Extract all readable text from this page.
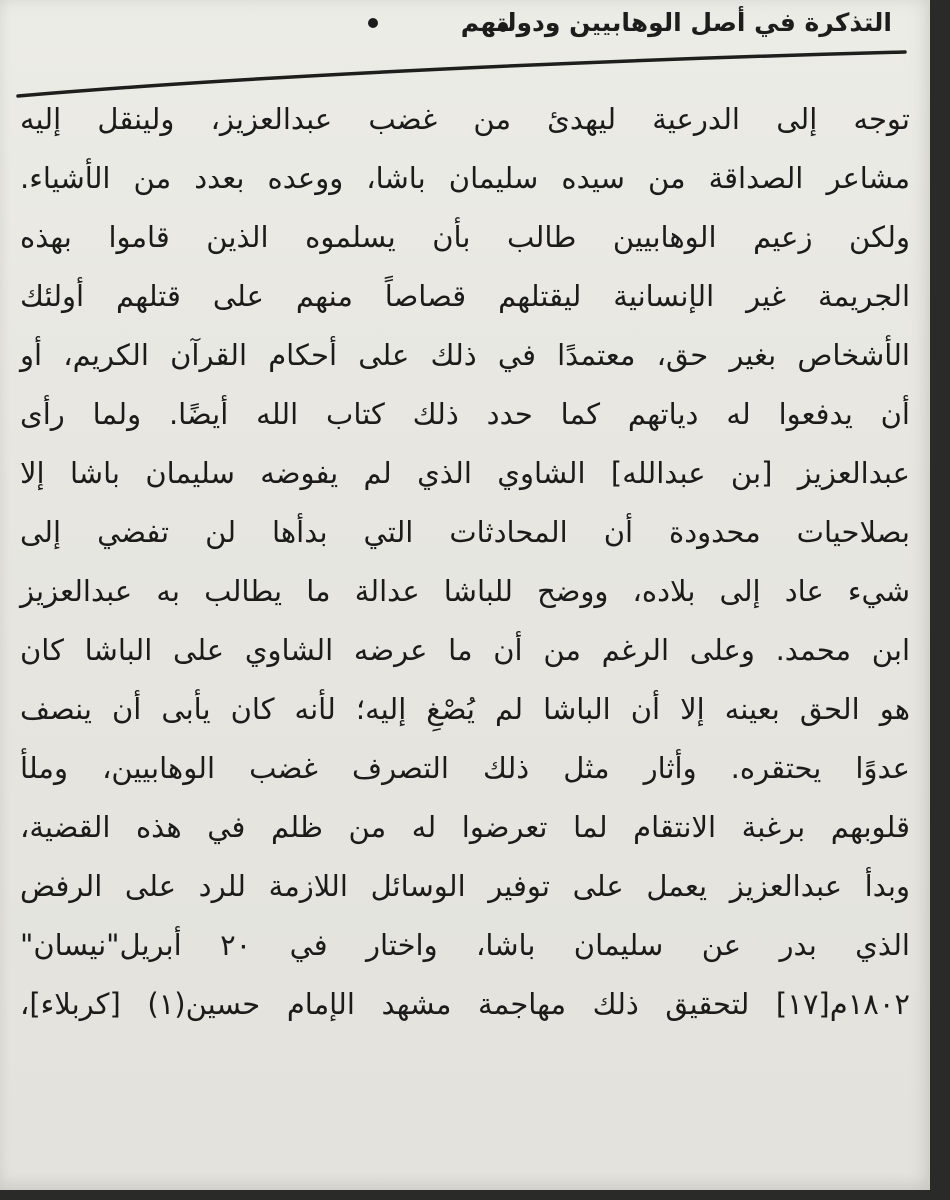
التذكرة في أصل الوهابيين ودولتهم
توجه إلى الدرعية ليهدئ من غضب عبدالعزيز، ولينقل إليه
مشاعر الصداقة من سيده سليمان باشا، ووعده بعدد من الأشياء.
ولكن زعيم الوهابيين طالب بأن يسلموه الذين قاموا بهذه
الجريمة غير الإنسانية ليقتلهم قصاصاً منهم على قتلهم أولئك
الأشخاص بغير حق، معتمدًا في ذلك على أحكام القرآن الكريم، أو
أن يدفعوا له دياتهم كما حدد ذلك كتاب الله أيضًا. ولما رأى
عبدالعزيز [بن عبدالله] الشاوي الذي لم يفوضه سليمان باشا إلا
بصلاحيات محدودة أن المحادثات التي بدأها لن تفضي إلى
شيء عاد إلى بلاده، ووضح للباشا عدالة ما يطالب به عبدالعزيز
ابن محمد. وعلى الرغم من أن ما عرضه الشاوي على الباشا كان
هو الحق بعينه إلا أن الباشا لم يُصْغِ إليه؛ لأنه كان يأبى أن ينصف
عدوًا يحتقره. وأثار مثل ذلك التصرف غضب الوهابيين، وملأ
قلوبهم برغبة الانتقام لما تعرضوا له من ظلم في هذه القضية،
وبدأ عبدالعزيز يعمل على توفير الوسائل اللازمة للرد على الرفض
الذي بدر عن سليمان باشا، واختار في ٢٠ أبريل"نيسان"
١٨٠٢م[١٧] لتحقيق ذلك مهاجمة مشهد الإمام حسين(١) [كربلاء]،
